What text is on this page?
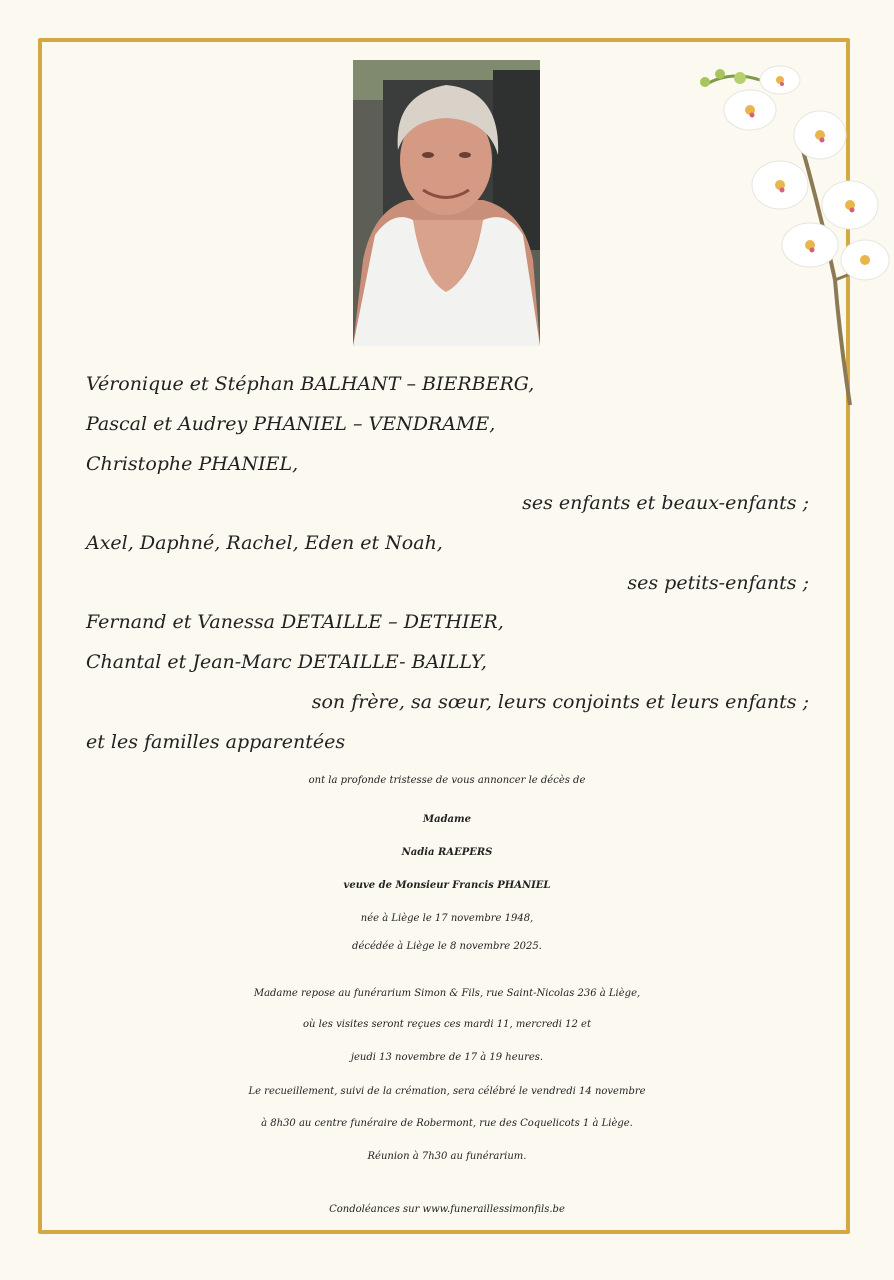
Véronique et Stéphan BALHANT – BIERBERG,
Pascal et Audrey PHANIEL – VENDRAME,
Christophe PHANIEL,
ses enfants et beaux-enfants ;
Axel, Daphné, Rachel, Eden et Noah,
ses petits-enfants ;
Fernand et Vanessa DETAILLE – DETHIER,
Chantal et Jean-Marc DETAILLE- BAILLY,
son frère, sa sœur, leurs conjoints et leurs enfants ;
et les familles apparentées
ont la profonde tristesse de vous annoncer le décès de
Madame
Nadia RAEPERS
veuve de Monsieur Francis PHANIEL
née à Liège le 17 novembre 1948,
décédée à Liège le 8 novembre 2025.
Madame repose au funérarium Simon & Fils, rue Saint-Nicolas 236 à Liège,
où les visites seront reçues ces mardi 11, mercredi 12 et
jeudi 13 novembre de 17 à 19 heures.
Le recueillement, suivi de la crémation, sera célébré le vendredi 14 novembre
à 8h30 au centre funéraire de Robermont, rue des Coquelicots 1 à Liège.
Réunion à 7h30 au funérarium.
Condoléances sur www.funeraillessimonfils.be
